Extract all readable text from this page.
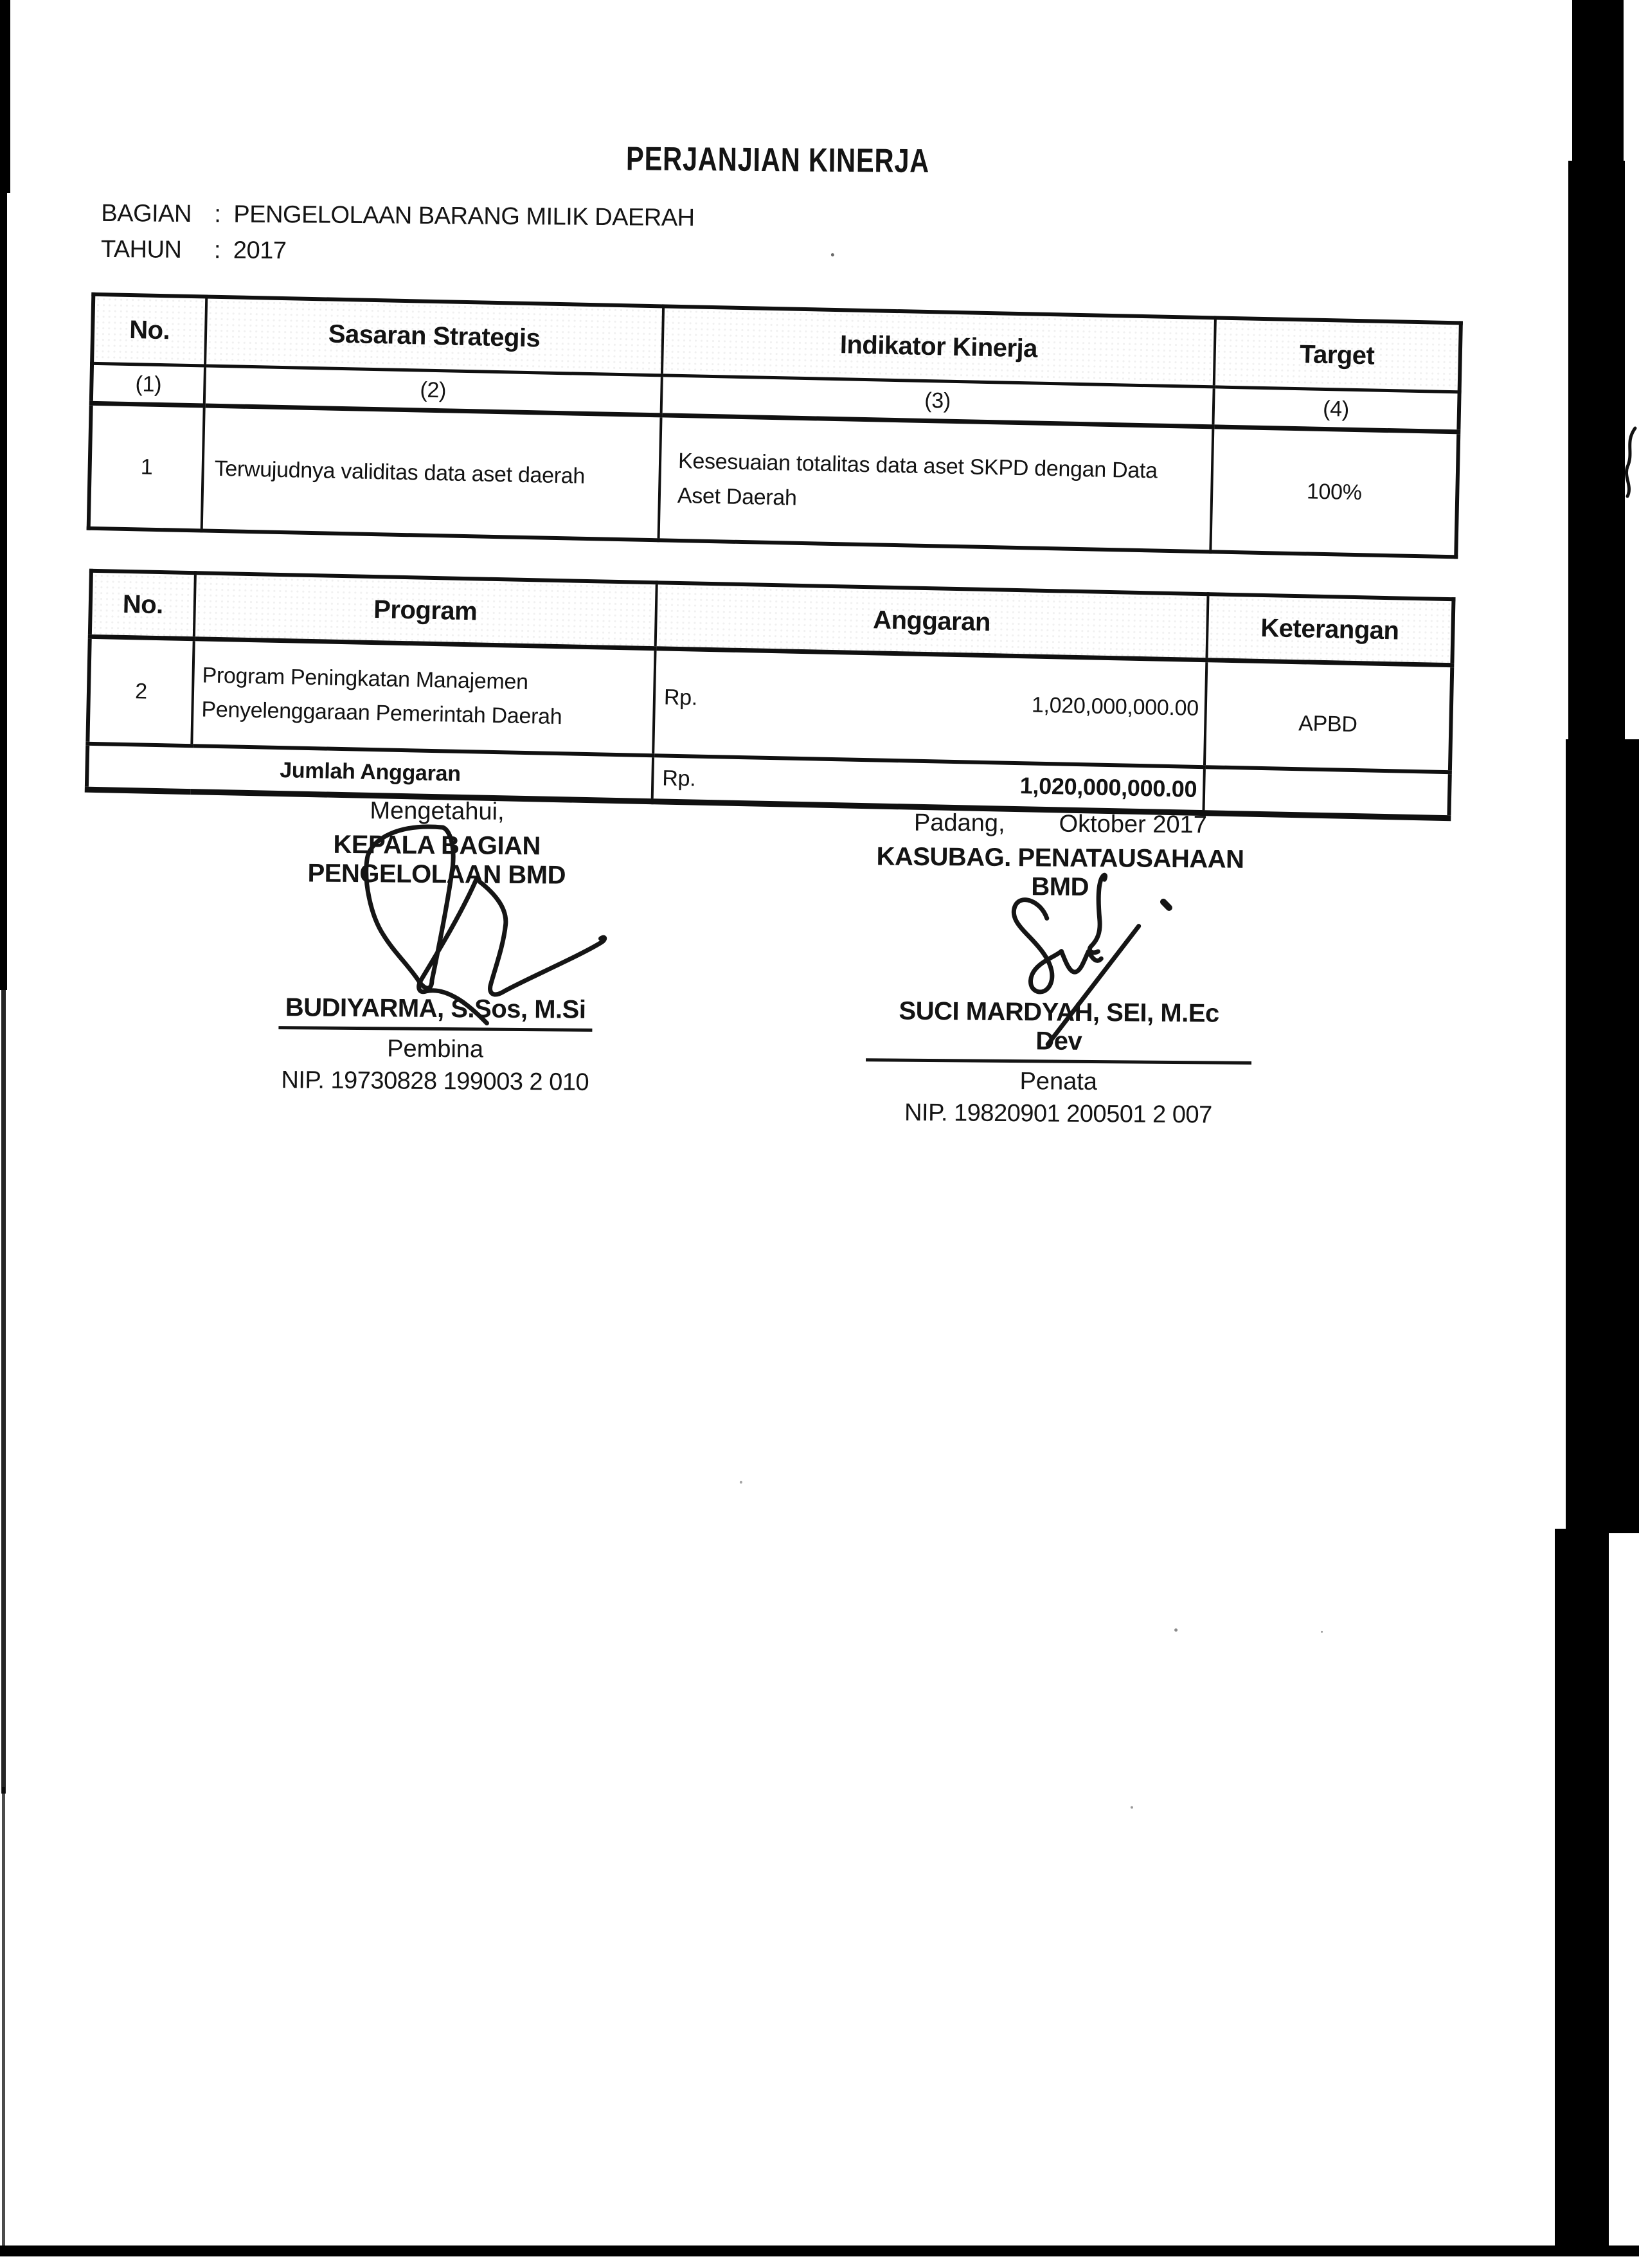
PERJANJIAN KINERJA
BAGIAN : PENGELOLAAN BARANG MILIK DAERAH
TAHUN	: 2017
No.	Sasaran Strategis	Indikator Kinerja	Target
(1)	(2)	(3)	(4)
1	Terwujudnya validitas data aset daerah	Kesesuaian totalitas data aset SKPD dengan Data Aset Daerah	100%
No.	Program	Anggaran	Keterangan
2	Program Peningkatan Manajemen Penyelenggaraan Pemerintah Daerah	Rp. 1,020,000,000.00	APBD
Jumlah Anggaran		Rp. 1,020,000,000.00	

Mengetahui,
KEPALA BAGIAN PENGELOLAAN BMD
BUDIYARMA, S.Sos, M.Si
Pembina
NIP. 19730828 199003 2 010
Padang, Oktober 2017
KASUBAG. PENATAUSAHAAN BMD
SUCI MARDYAH, SEI, M.Ec Dev
Penata
NIP. 19820901 200501 2 007
